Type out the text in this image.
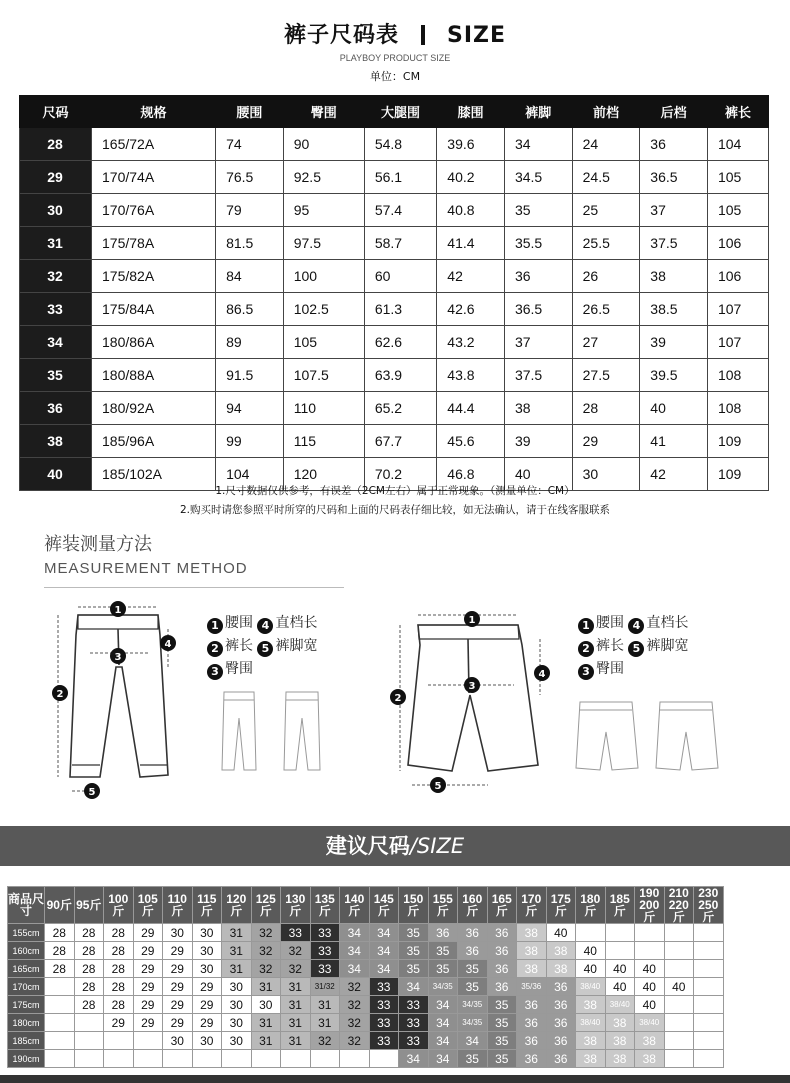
裤子尺码表 SIZE
PLAYBOY PRODUCT SIZE
单位：CM
尺码	规格	腰围	臀围	大腿围	膝围	裤脚	前档	后档	裤长
28	165/72A	74	90	54.8	39.6	34	24	36	104
29	170/74A	76.5	92.5	56.1	40.2	34.5	24.5	36.5	105
30	170/76A	79	95	57.4	40.8	35	25	37	105
31	175/78A	81.5	97.5	58.7	41.4	35.5	25.5	37.5	106
32	175/82A	84	100	60	42	36	26	38	106
33	175/84A	86.5	102.5	61.3	42.6	36.5	26.5	38.5	107
34	180/86A	89	105	62.6	43.2	37	27	39	107
35	180/88A	91.5	107.5	63.9	43.8	37.5	27.5	39.5	108
36	180/92A	94	110	65.2	44.4	38	28	40	108
38	185/96A	99	115	67.7	45.6	39	29	41	109
40	185/102A	104	120	70.2	46.8	40	30	42	109
1.尺寸数据仅供参考，有误差（2CM左右）属于正常现象。（测量单位：CM）
2.购买时请您参照平时所穿的尺码和上面的尺码表仔细比较，如无法确认，请于在线客服联系
裤装测量方法
MEASUREMENT METHOD
1
2
3
4
5
1 腰围 4 直档长
2 裤长 5 裤脚宽
3 臀围
1
2
3
4
5
1 腰围 4 直档长
2 裤长 5 裤脚宽
3 臀围
建议尺码/SIZE
商品尺寸	90斤	95斤	100斤	105斤	110斤	115斤	120斤	125斤	130斤	135斤	140斤	145斤	150斤	155斤	160斤	165斤	170斤	175斤	180斤	185斤	190 200斤	210 220斤	230 250斤
155cm	28	28	28	29	30	30	31	32	33	33	34	34	35	36	36	36	38	40					
160cm	28	28	28	29	29	30	31	32	32	33	34	34	35	35	36	36	38	38	40				
165cm	28	28	28	29	29	30	31	32	32	33	34	34	35	35	35	36	38	38	40	40	40		
170cm		28	28	29	29	29	30	31	31	31/32	32	33	34	34/35	35	36	35/36	36	38/40	40	40	40	
175cm		28	28	29	29	29	30	30	31	31	32	33	33	34	34/35	35	36	36	38	38/40	40		
180cm			29	29	29	29	30	31	31	31	32	33	33	34	34/35	35	36	36	38/40	38	38/40		
185cm					30	30	30	31	31	32	32	33	33	34	34	35	36	36	38	38	38		
190cm													34	34	35	35	36	36	38	38	38		
